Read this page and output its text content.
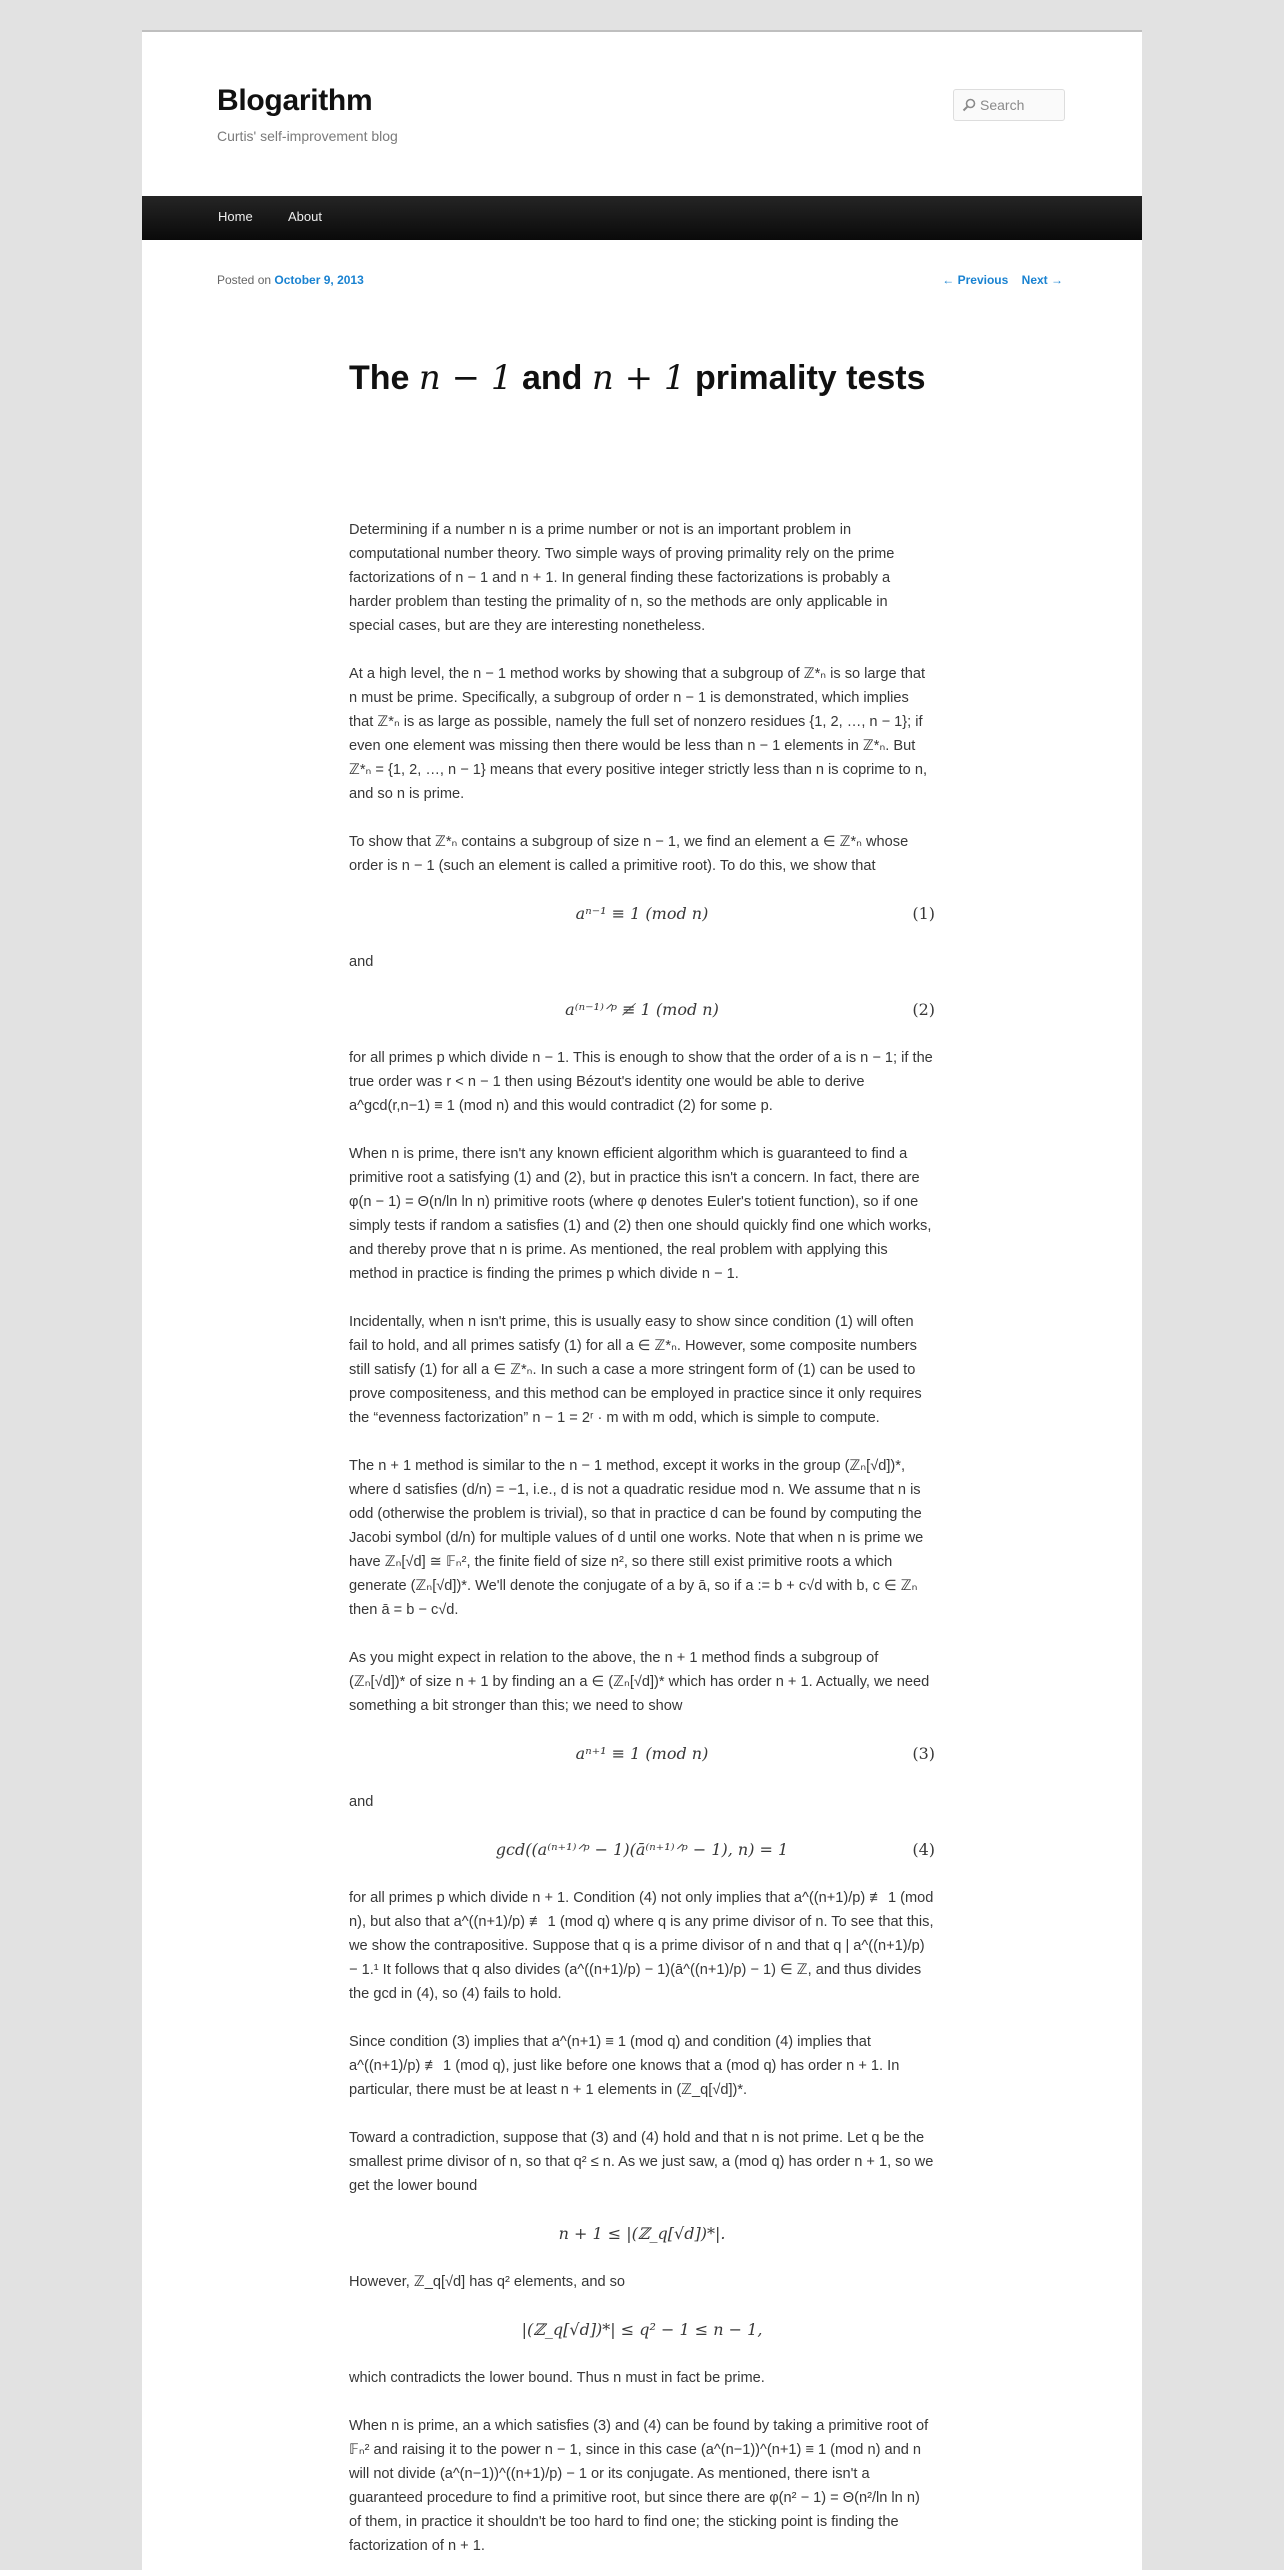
Blogarithm
Curtis' self-improvement blog
Search
Home	About
Posted on October 9, 2013	← Previous Next →
The n − 1 and n + 1 primality tests

Determining if a number n is a prime number or not is an important problem in computational number theory. Two simple ways of proving primality rely on the prime factorizations of n − 1 and n + 1. In general finding these factorizations is probably a harder problem than testing the primality of n, so the methods are only applicable in special cases, but are they are interesting nonetheless.

At a high level, the n − 1 method works by showing that a subgroup of ℤ*ₙ is so large that n must be prime. Specifically, a subgroup of order n − 1 is demonstrated, which implies that ℤ*ₙ is as large as possible, namely the full set of nonzero residues {1, 2, …, n − 1}; if even one element was missing then there would be less than n − 1 elements in ℤ*ₙ. But ℤ*ₙ = {1, 2, …, n − 1} means that every positive integer strictly less than n is coprime to n, and so n is prime.

To show that ℤ*ₙ contains a subgroup of size n − 1, we find an element a ∈ ℤ*ₙ whose order is n − 1 (such an element is called a primitive root). To do this, we show that

aⁿ⁻¹ ≡ 1 (mod n)	(1)

and

a⁽ⁿ⁻¹⁾ᐟᵖ ≢ 1 (mod n)	(2)

for all primes p which divide n − 1. This is enough to show that the order of a is n − 1; if the true order was r < n − 1 then using Bézout's identity one would be able to derive a^gcd(r,n−1) ≡ 1 (mod n) and this would contradict (2) for some p.

When n is prime, there isn't any known efficient algorithm which is guaranteed to find a primitive root a satisfying (1) and (2), but in practice this isn't a concern. In fact, there are φ(n − 1) = Θ(n/ln ln n) primitive roots (where φ denotes Euler's totient function), so if one simply tests if random a satisfies (1) and (2) then one should quickly find one which works, and thereby prove that n is prime. As mentioned, the real problem with applying this method in practice is finding the primes p which divide n − 1.

Incidentally, when n isn't prime, this is usually easy to show since condition (1) will often fail to hold, and all primes satisfy (1) for all a ∈ ℤ*ₙ. However, some composite numbers still satisfy (1) for all a ∈ ℤ*ₙ. In such a case a more stringent form of (1) can be used to prove compositeness, and this method can be employed in practice since it only requires the “evenness factorization” n − 1 = 2ʳ · m with m odd, which is simple to compute.

The n + 1 method is similar to the n − 1 method, except it works in the group (ℤₙ[√d])*, where d satisfies (d/n) = −1, i.e., d is not a quadratic residue mod n. We assume that n is odd (otherwise the problem is trivial), so that in practice d can be found by computing the Jacobi symbol (d/n) for multiple values of d until one works. Note that when n is prime we have ℤₙ[√d] ≅ 𝔽ₙ², the finite field of size n², so there still exist primitive roots a which generate (ℤₙ[√d])*. We'll denote the conjugate of a by ā, so if a := b + c√d with b, c ∈ ℤₙ then ā = b − c√d.

As you might expect in relation to the above, the n + 1 method finds a subgroup of (ℤₙ[√d])* of size n + 1 by finding an a ∈ (ℤₙ[√d])* which has order n + 1. Actually, we need something a bit stronger than this; we need to show

aⁿ⁺¹ ≡ 1 (mod n)	(3)

and

gcd((a⁽ⁿ⁺¹⁾ᐟᵖ − 1)(ā⁽ⁿ⁺¹⁾ᐟᵖ − 1), n) = 1	(4)

for all primes p which divide n + 1. Condition (4) not only implies that a^((n+1)/p) ≢ 1 (mod n), but also that a^((n+1)/p) ≢ 1 (mod q) where q is any prime divisor of n. To see that this, we show the contrapositive. Suppose that q is a prime divisor of n and that q | a^((n+1)/p) − 1.¹ It follows that q also divides (a^((n+1)/p) − 1)(ā^((n+1)/p) − 1) ∈ ℤ, and thus divides the gcd in (4), so (4) fails to hold.

Since condition (3) implies that a^(n+1) ≡ 1 (mod q) and condition (4) implies that a^((n+1)/p) ≢ 1 (mod q), just like before one knows that a (mod q) has order n + 1. In particular, there must be at least n + 1 elements in (ℤ_q[√d])*.

Toward a contradiction, suppose that (3) and (4) hold and that n is not prime. Let q be the smallest prime divisor of n, so that q² ≤ n. As we just saw, a (mod q) has order n + 1, so we get the lower bound

n + 1 ≤ |(ℤ_q[√d])*|.

However, ℤ_q[√d] has q² elements, and so

|(ℤ_q[√d])*| ≤ q² − 1 ≤ n − 1,

which contradicts the lower bound. Thus n must in fact be prime.

When n is prime, an a which satisfies (3) and (4) can be found by taking a primitive root of 𝔽ₙ² and raising it to the power n − 1, since in this case (a^(n−1))^(n+1) ≡ 1 (mod n) and n will not divide (a^(n−1))^((n+1)/p) − 1 or its conjugate. As mentioned, there isn't a guaranteed procedure to find a primitive root, but since there are φ(n² − 1) = Θ(n²/ln ln n) of them, in practice it shouldn't be too hard to find one; the sticking point is finding the factorization of n + 1.
